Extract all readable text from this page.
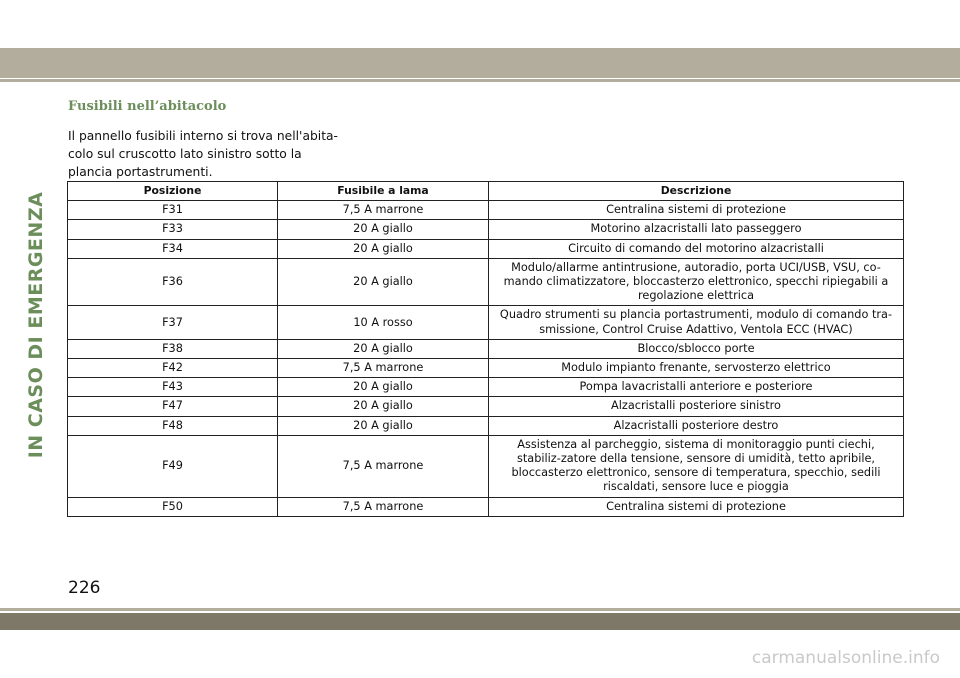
IN CASO DI EMERGENZA
Fusibili nell’abitacolo
Il pannello fusibili interno si trova nell'abita-colo sul cruscotto lato sinistro sotto la plancia portastrumenti.
Posizione	Fusibile a lama	Descrizione
F31	7,5 A marrone	Centralina sistemi di protezione
F33	20 A giallo	Motorino alzacristalli lato passeggero
F34	20 A giallo	Circuito di comando del motorino alzacristalli
F36	20 A giallo	Modulo/allarme antintrusione, autoradio, porta UCI/USB, VSU, co-mando climatizzatore, bloccasterzo elettronico, specchi ripiegabili a regolazione elettrica
F37	10 A rosso	Quadro strumenti su plancia portastrumenti, modulo di comando tra-smissione, Control Cruise Adattivo, Ventola ECC (HVAC)
F38	20 A giallo	Blocco/sblocco porte
F42	7,5 A marrone	Modulo impianto frenante, servosterzo elettrico
F43	20 A giallo	Pompa lavacristalli anteriore e posteriore
F47	20 A giallo	Alzacristalli posteriore sinistro
F48	20 A giallo	Alzacristalli posteriore destro
F49	7,5 A marrone	Assistenza al parcheggio, sistema di monitoraggio punti ciechi, stabiliz-zatore della tensione, sensore di umidità, tetto apribile, bloccasterzo elettronico, sensore di temperatura, specchio, sedili riscaldati, sensore luce e pioggia
F50	7,5 A marrone	Centralina sistemi di protezione
226
carmanualsonline.info
